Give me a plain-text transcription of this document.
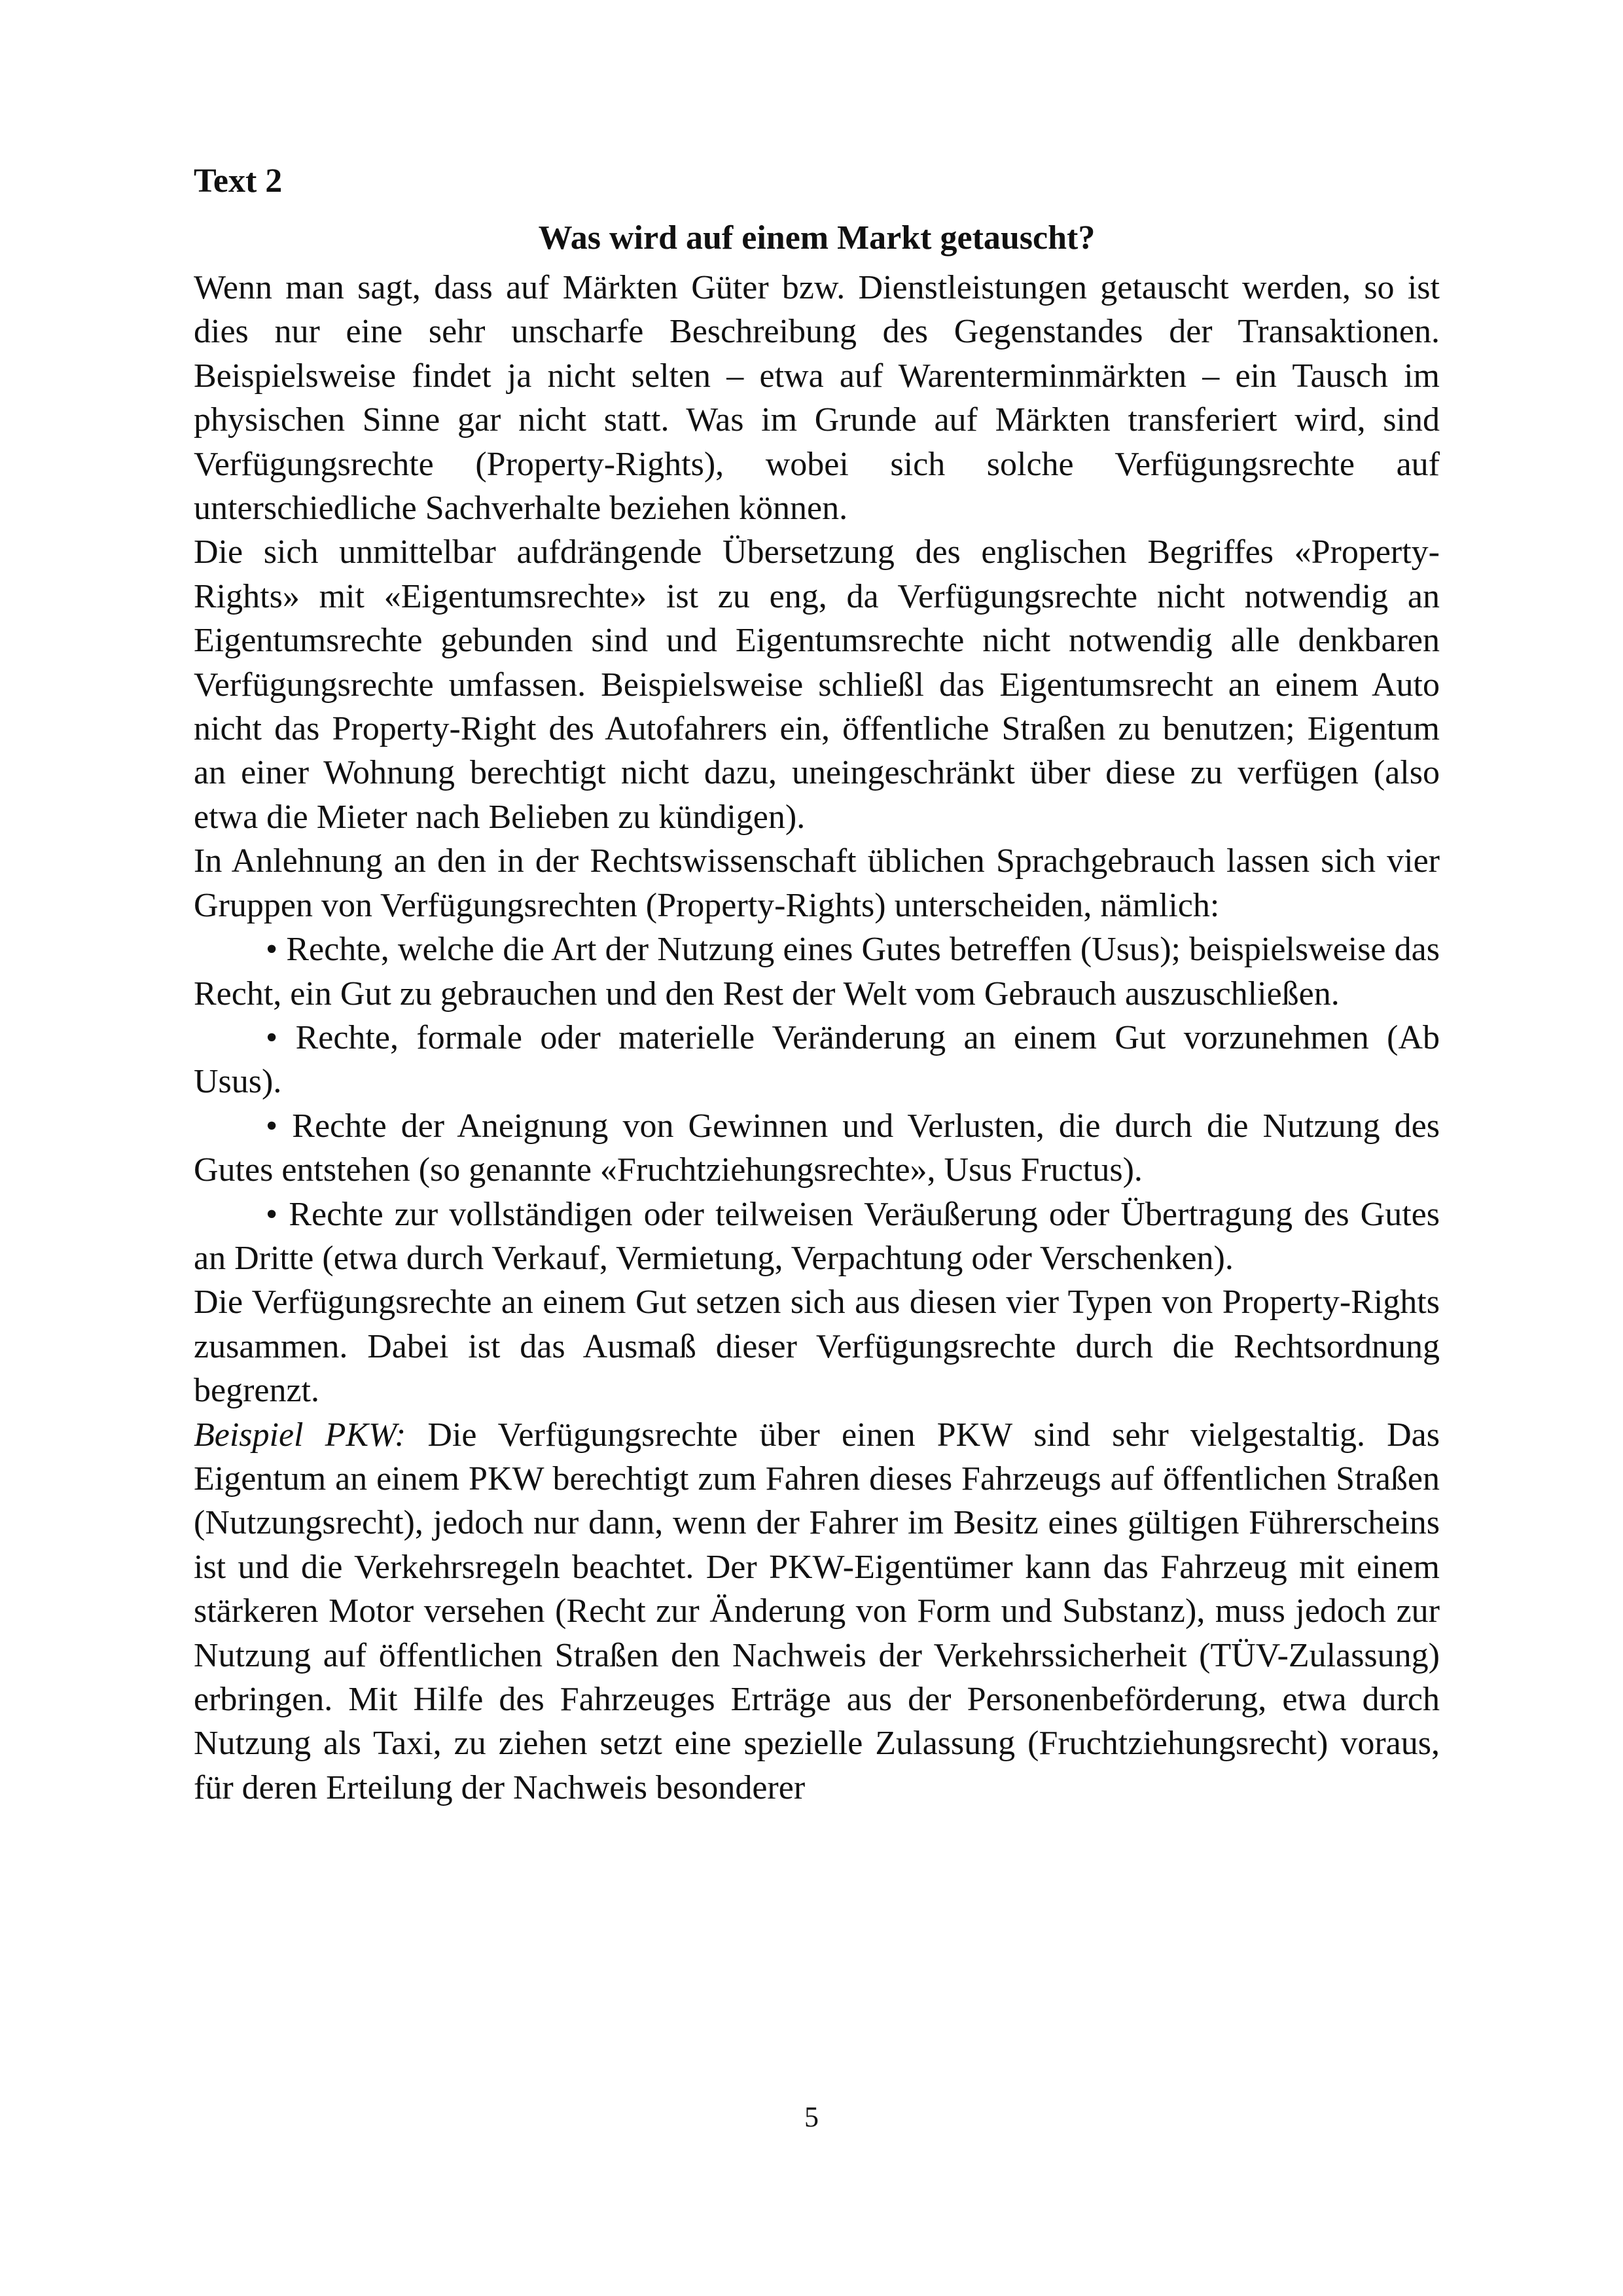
Text 2

Was wird auf einem Markt getauscht?

Wenn man sagt, dass auf Märkten Güter bzw. Dienstleistungen getauscht werden, so ist dies nur eine sehr unscharfe Beschreibung des Gegenstandes der Transaktionen. Beispielsweise findet ja nicht selten – etwa auf Warenterminmärkten – ein Tausch im physischen Sinne gar nicht statt. Was im Grunde auf Märkten transferiert wird, sind Verfügungsrechte (Property-Rights), wobei sich solche Verfügungsrechte auf unterschiedliche Sachverhalte beziehen können.

Die sich unmittelbar aufdrängende Übersetzung des englischen Begriffes «Property-Rights» mit «Eigentumsrechte» ist zu eng, da Verfügungsrechte nicht notwendig an Eigentumsrechte gebunden sind und Eigentumsrechte nicht notwendig alle denkbaren Verfügungsrechte umfassen. Beispielsweise schließl das Eigentumsrecht an einem Auto nicht das Property-Right des Autofahrers ein, öffentliche Straßen zu benutzen; Eigentum an einer Wohnung berechtigt nicht dazu, uneingeschränkt über diese zu verfügen (also etwa die Mieter nach Belieben zu kündigen).

In Anlehnung an den in der Rechtswissenschaft üblichen Sprachgebrauch lassen sich vier Gruppen von Verfügungsrechten (Property-Rights) unterscheiden, nämlich:

• Rechte, welche die Art der Nutzung eines Gutes betreffen (Usus); beispielsweise das Recht, ein Gut zu gebrauchen und den Rest der Welt vom Gebrauch auszuschließen.

• Rechte, formale oder materielle Veränderung an einem Gut vorzunehmen (Ab Usus).

• Rechte der Aneignung von Gewinnen und Verlusten, die durch die Nutzung des Gutes entstehen (so genannte «Fruchtziehungsrechte», Usus Fructus).

• Rechte zur vollständigen oder teilweisen Veräußerung oder Übertragung des Gutes an Dritte (etwa durch Verkauf, Vermietung, Verpachtung oder Verschenken).

Die Verfügungsrechte an einem Gut setzen sich aus diesen vier Typen von Property-Rights zusammen. Dabei ist das Ausmaß dieser Verfügungsrechte durch die Rechtsordnung begrenzt.

Beispiel PKW: Die Verfügungsrechte über einen PKW sind sehr vielgestaltig. Das Eigentum an einem PKW berechtigt zum Fahren dieses Fahrzeugs auf öffentlichen Straßen (Nutzungsrecht), jedoch nur dann, wenn der Fahrer im Besitz eines gültigen Führerscheins ist und die Verkehrsregeln beachtet. Der PKW-Eigentümer kann das Fahrzeug mit einem stärkeren Motor versehen (Recht zur Änderung von Form und Substanz), muss jedoch zur Nutzung auf öffentlichen Straßen den Nachweis der Verkehrssicherheit (TÜV-Zulassung) erbringen. Mit Hilfe des Fahrzeuges Erträge aus der Personenbeförderung, etwa durch Nutzung als Taxi, zu ziehen setzt eine spezielle Zulassung (Fruchtziehungsrecht) voraus, für deren Erteilung der Nachweis besonderer

5
